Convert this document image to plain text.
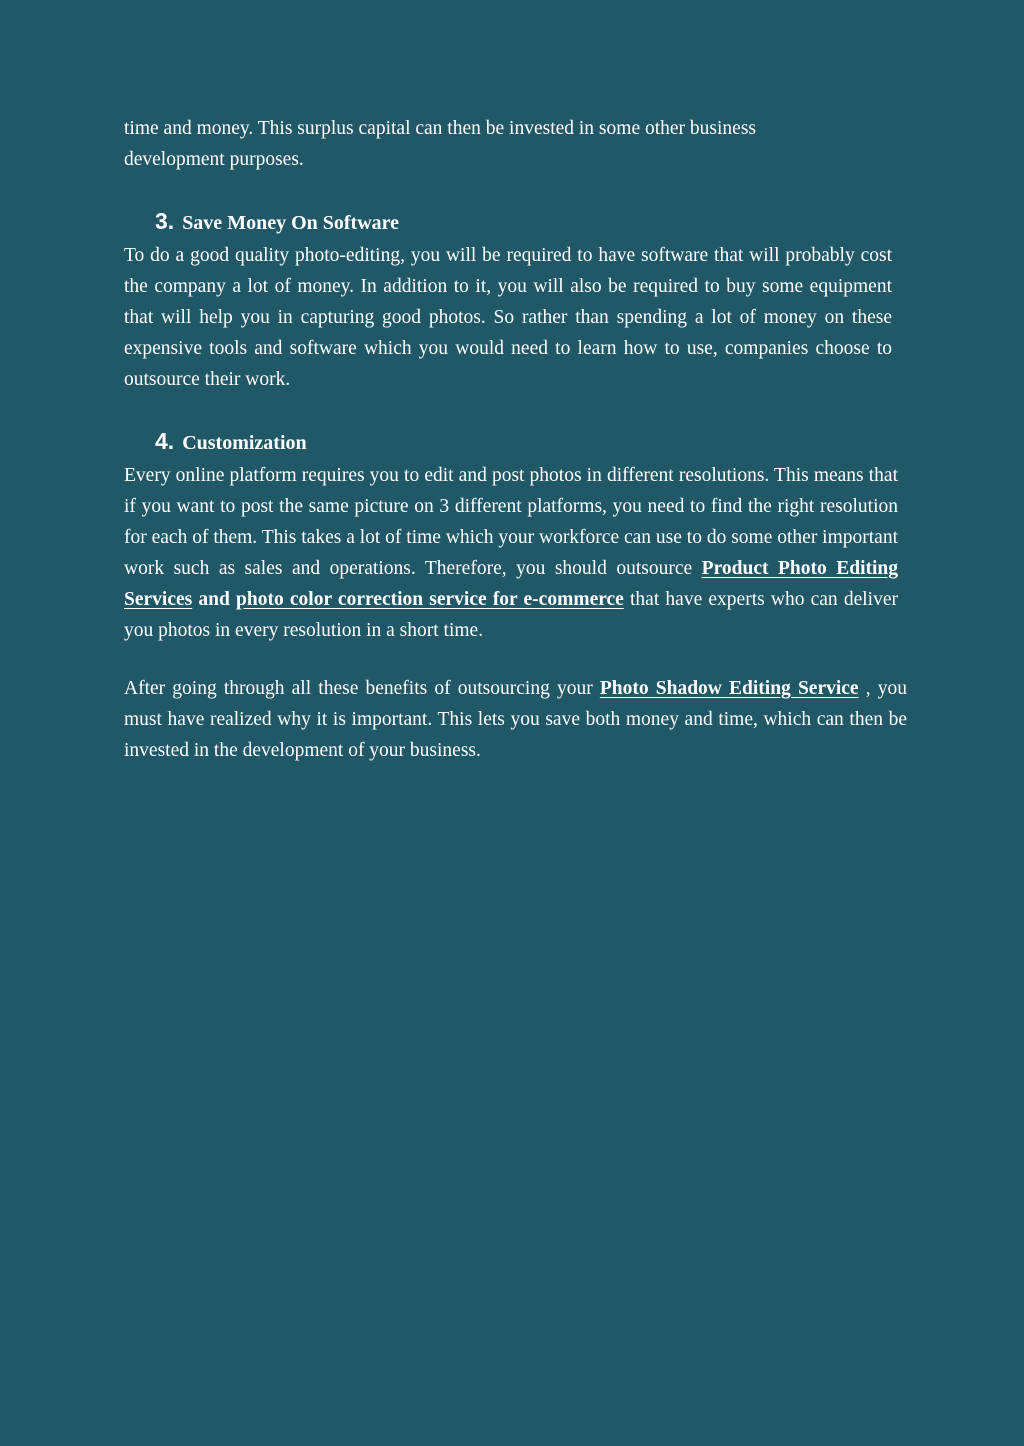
time and money. This surplus capital can then be invested in some other business development purposes.

3. Save Money On Software

To do a good quality photo-editing, you will be required to have software that will probably cost the company a lot of money. In addition to it, you will also be required to buy some equipment that will help you in capturing good photos. So rather than spending a lot of money on these expensive tools and software which you would need to learn how to use, companies choose to outsource their work.

4. Customization

Every online platform requires you to edit and post photos in different resolutions. This means that if you want to post the same picture on 3 different platforms, you need to find the right resolution for each of them. This takes a lot of time which your workforce can use to do some other important work such as sales and operations. Therefore, you should outsource Product Photo Editing Services and photo color correction service for e-commerce that have experts who can deliver you photos in every resolution in a short time.

After going through all these benefits of outsourcing your Photo Shadow Editing Service , you must have realized why it is important. This lets you save both money and time, which can then be invested in the development of your business.
